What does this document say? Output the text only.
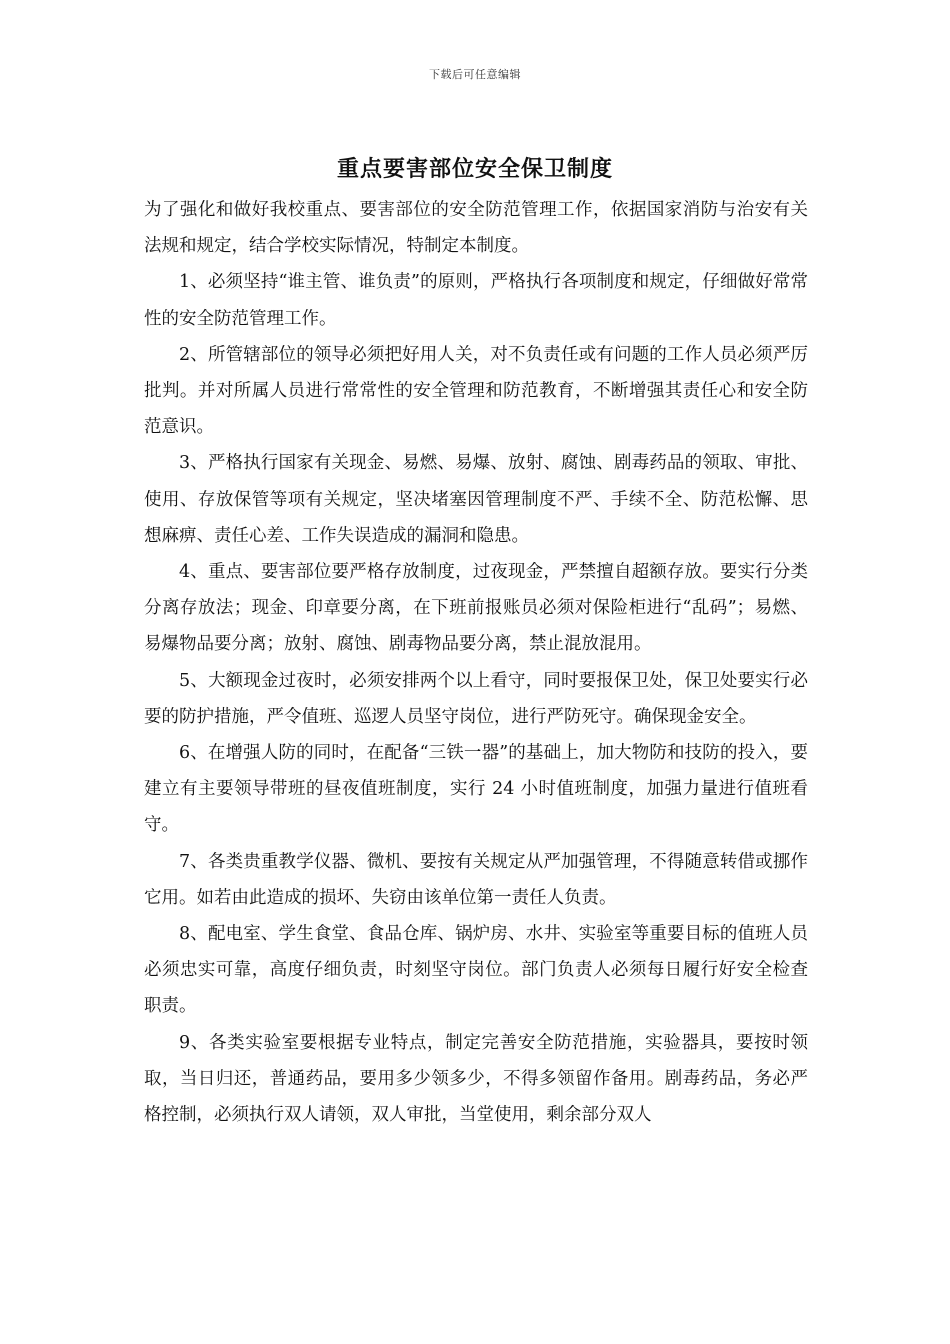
下载后可任意编辑
重点要害部位安全保卫制度

为了强化和做好我校重点、要害部位的安全防范管理工作，依据国家消防与治安有关法规和规定，结合学校实际情况，特制定本制度。

1、必须坚持“谁主管、谁负责”的原则，严格执行各项制度和规定，仔细做好常常性的安全防范管理工作。

2、所管辖部位的领导必须把好用人关，对不负责任或有问题的工作人员必须严厉批判。并对所属人员进行常常性的安全管理和防范教育，不断增强其责任心和安全防范意识。

3、严格执行国家有关现金、易燃、易爆、放射、腐蚀、剧毒药品的领取、审批、使用、存放保管等项有关规定，坚决堵塞因管理制度不严、手续不全、防范松懈、思想麻痹、责任心差、工作失误造成的漏洞和隐患。

4、重点、要害部位要严格存放制度，过夜现金，严禁擅自超额存放。要实行分类分离存放法；现金、印章要分离，在下班前报账员必须对保险柜进行“乱码”；易燃、易爆物品要分离；放射、腐蚀、剧毒物品要分离，禁止混放混用。

5、大额现金过夜时，必须安排两个以上看守，同时要报保卫处，保卫处要实行必要的防护措施，严令值班、巡逻人员坚守岗位，进行严防死守。确保现金安全。

6、在增强人防的同时，在配备“三铁一器”的基础上，加大物防和技防的投入，要建立有主要领导带班的昼夜值班制度，实行 24 小时值班制度，加强力量进行值班看守。

7、各类贵重教学仪器、微机、要按有关规定从严加强管理，不得随意转借或挪作它用。如若由此造成的损坏、失窃由该单位第一责任人负责。

8、配电室、学生食堂、食品仓库、锅炉房、水井、实验室等重要目标的值班人员必须忠实可靠，高度仔细负责，时刻坚守岗位。部门负责人必须每日履行好安全检查职责。

9、各类实验室要根据专业特点，制定完善安全防范措施，实验器具，要按时领取，当日归还，普通药品，要用多少领多少，不得多领留作备用。剧毒药品，务必严格控制，必须执行双人请领，双人审批，当堂使用，剩余部分双人
